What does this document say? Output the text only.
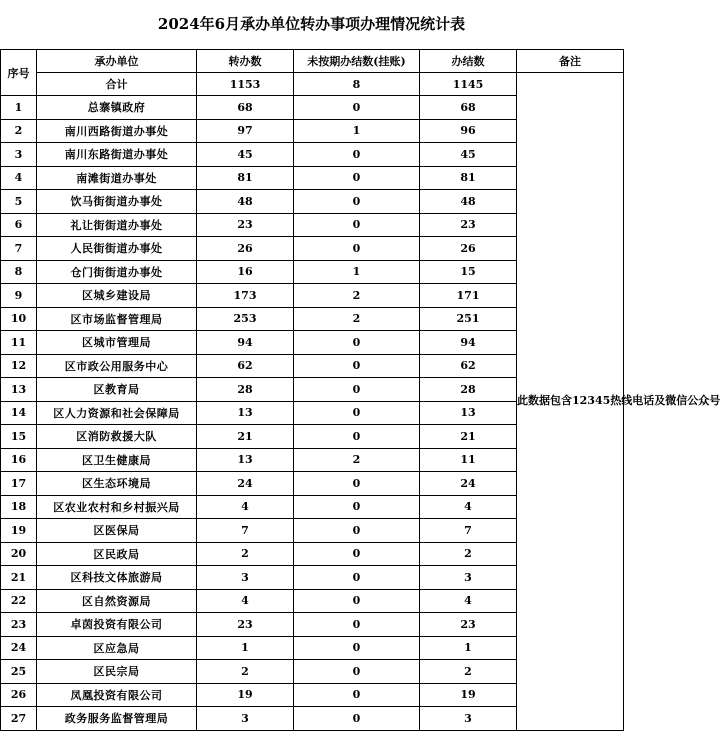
2024年6月承办单位转办事项办理情况统计表
序号	承办单位	转办数	未按期办结数(挂账)	办结数	备注
	合计	1153	8	1145	此数据包含12345热线电话及微信公众号
1	总寨镇政府	68	0	68	
2	南川西路街道办事处	97	1	96	
3	南川东路街道办事处	45	0	45	
4	南滩街道办事处	81	0	81	
5	饮马街街道办事处	48	0	48	
6	礼让街街道办事处	23	0	23	
7	人民街街道办事处	26	0	26	
8	仓门街街道办事处	16	1	15	
9	区城乡建设局	173	2	171	
10	区市场监督管理局	253	2	251	
11	区城市管理局	94	0	94	
12	区市政公用服务中心	62	0	62	
13	区教育局	28	0	28	
14	区人力资源和社会保障局	13	0	13	
15	区消防救援大队	21	0	21	
16	区卫生健康局	13	2	11	
17	区生态环境局	24	0	24	
18	区农业农村和乡村振兴局	4	0	4	
19	区医保局	7	0	7	
20	区民政局	2	0	2	
21	区科技文体旅游局	3	0	3	
22	区自然资源局	4	0	4	
23	卓茵投资有限公司	23	0	23	
24	区应急局	1	0	1	
25	区民宗局	2	0	2	
26	凤凰投资有限公司	19	0	19	
27	政务服务监督管理局	3	0	3	
